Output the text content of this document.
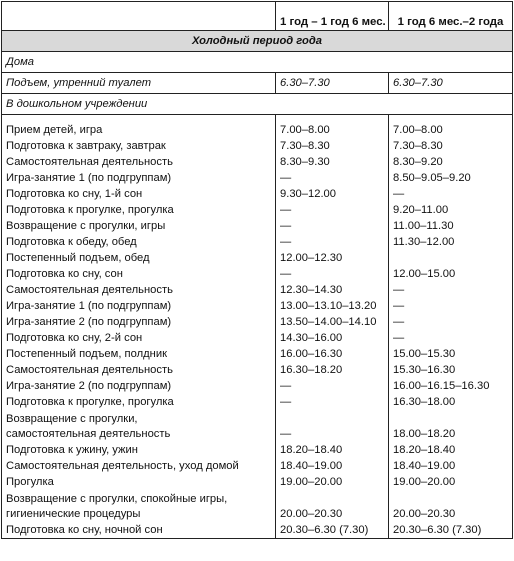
	1 год – 1 год 6 мес.	1 год 6 мес.–2 года
Холодный период года		
Дома		
Подъем, утренний туалет	6.30–7.30	6.30–7.30
В дошкольном учреждении		

Прием детей, игра	7.00–8.00	7.00–8.00
Подготовка к завтраку, завтрак	7.30–8.30	7.30–8.30
Самостоятельная деятельность	8.30–9.30	8.30–9.20
Игра-занятие 1 (по подгруппам)	—	8.50–9.05–9.20
Подготовка ко сну, 1-й сон	9.30–12.00	—
Подготовка к прогулке, прогулка	—	9.20–11.00
Возвращение с прогулки, игры	—	11.00–11.30
Подготовка к обеду, обед	—	11.30–12.00
Постепенный подъем, обед	12.00–12.30	
Подготовка ко сну, сон	—	12.00–15.00
Самостоятельная деятельность	12.30–14.30	—
Игра-занятие 1 (по подгруппам)	13.00–13.10–13.20	—
Игра-занятие 2 (по подгруппам)	13.50–14.00–14.10	—
Подготовка ко сну, 2-й сон	14.30–16.00	—
Постепенный подъем, полдник	16.00–16.30	15.00–15.30
Самостоятельная деятельность	16.30–18.20	15.30–16.30
Игра-занятие 2 (по подгруппам)	—	16.00–16.15–16.30
Подготовка к прогулке, прогулка	—	16.30–18.00

Возвращение с прогулки,
самостоятельная деятельность	—	18.00–18.20
Подготовка к ужину, ужин	18.20–18.40	18.20–18.40
Самостоятельная деятельность, уход домой	18.40–19.00	18.40–19.00
Прогулка	19.00–20.00	19.00–20.00

Возвращение с прогулки, спокойные игры,
гигиенические процедуры	20.00–20.30	20.00–20.30
Подготовка ко сну, ночной сон	20.30–6.30 (7.30)	20.30–6.30 (7.30)
